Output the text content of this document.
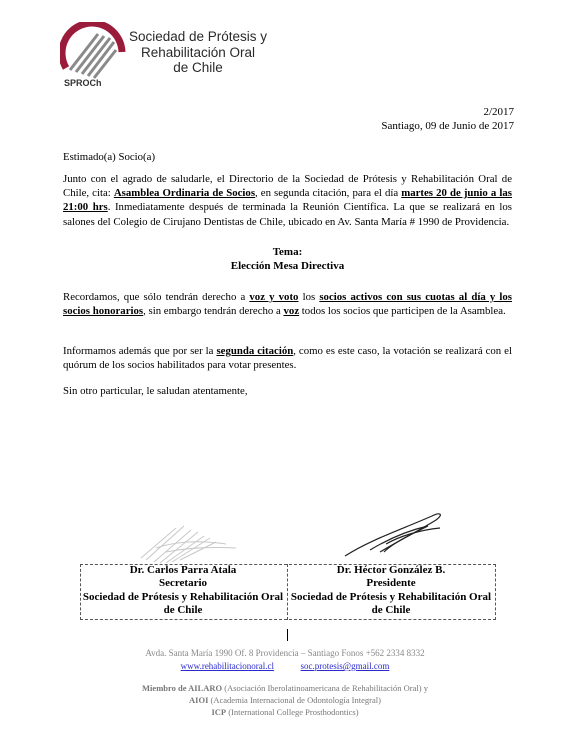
Sociedad de Prótesis y
Rehabilitación Oral
de Chile
SPROCh
2/2017
Santiago, 09 de Junio de 2017
Estimado(a) Socio(a)
Junto con el agrado de saludarle, el Directorio de la Sociedad de Prótesis y Rehabilitación Oral de Chile, cita: Asamblea Ordinaria de Socios, en segunda citación, para el día martes 20 de junio a las 21:00 hrs. Inmediatamente después de terminada la Reunión Científica. La que se realizará en los salones del Colegio de Cirujano Dentistas de Chile, ubicado en Av. Santa María # 1990 de Providencia.
Tema:
Elección Mesa Directiva
Recordamos, que sólo tendrán derecho a voz y voto los socios activos con sus cuotas al día y los socios honorarios, sin embargo tendrán derecho a voz todos los socios que participen de la Asamblea.
Informamos además que por ser la segunda citación, como es este caso, la votación se realizará con el quórum de los socios habilitados para votar presentes.
Sin otro particular, le saludan atentamente,
Dr. Carlos Parra Atala
Secretario
Sociedad de Prótesis y Rehabilitación Oral
de Chile
Dr. Héctor González B.
Presidente
Sociedad de Prótesis y Rehabilitación Oral
de Chile
Avda. Santa María 1990 Of. 8 Providencia – Santiago Fonos +562 2334 8332
www.rehabilitacionoral.cl	soc.protesis@gmail.com
Miembro de AILARO (Asociación Iberolatinoamericana de Rehabilitación Oral) y
AIOI (Academia Internacional de Odontología Integral)
ICP (International College Prosthodontics)
